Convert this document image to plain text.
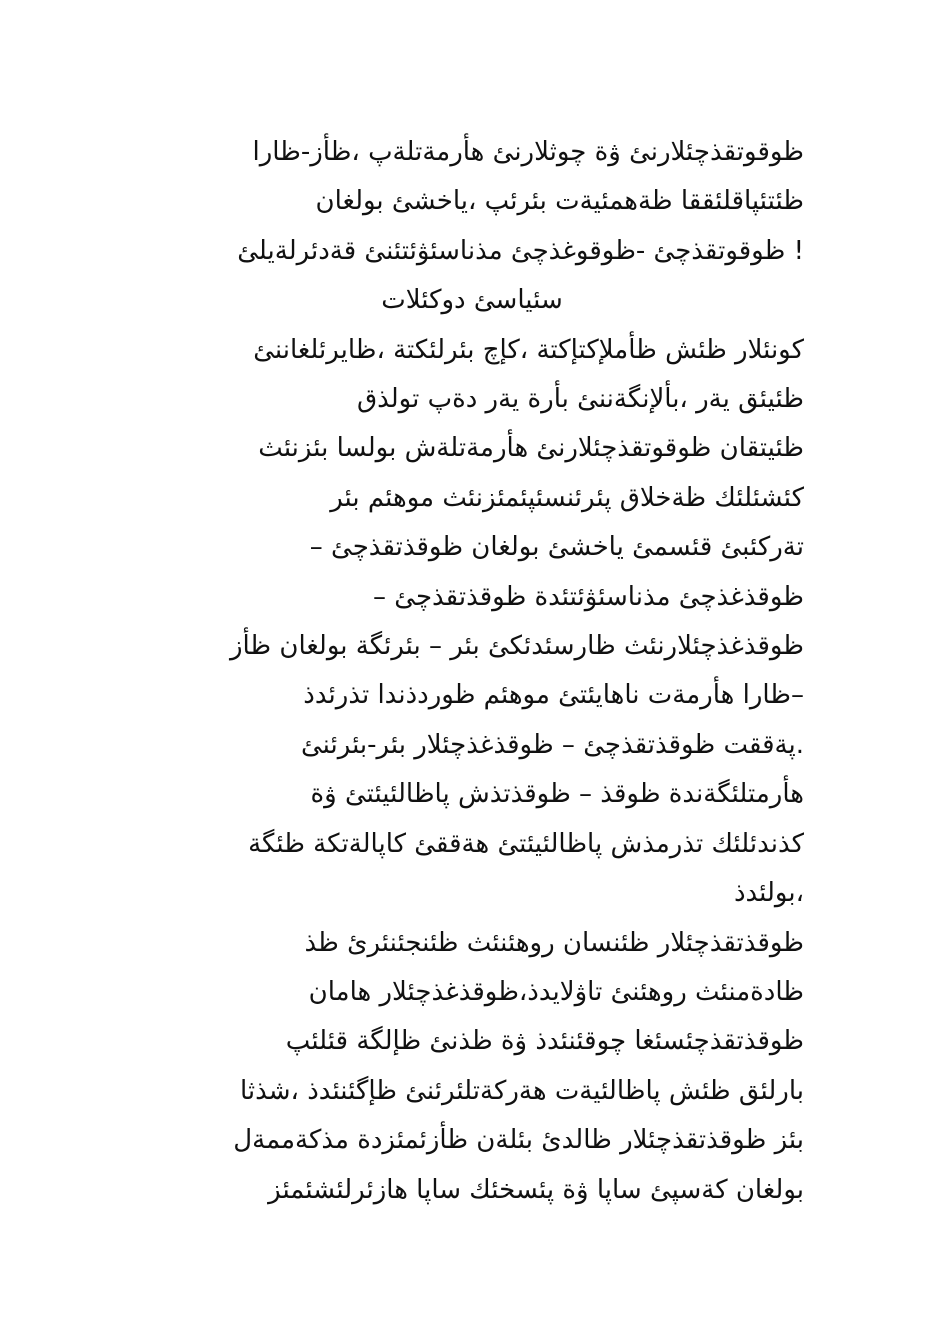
ظوقوتقذچئلارنئ ۋة چوثلارنئ هأرمةتلةپ ،ظأز-ظارا
ظئتئپاقلئققا ظةهمئيةت بئرئپ ،ياخشئ بولغان
! ظوقوتقذچئ -ظوقوغذچئ مذناسئۋئتئنئ قةدئرلةيلئ
سئياسئ دوكئلات
كونئلار ظئش ظأملإكتإكتة ،كإچ بئرلئكتة ،ظايرئلغاننئ
ظئيئق يةر ،بألإنگةننئ بأرة يةر دةپ تولذق
ظئيتقان ظوقوتقذچئلارنئ هأرمةتلةش بولسا بئزنئث
كئشئلئك ظةخلاق پئرئنسئپئمئزنئث موهئم بئر
تةركئبئ قئسمئ ياخشئ بولغان ظوقذتقذچئ –
ظوقذغذچئ مذناسئۋئتئدة ظوقذتقذچئ –
ظوقذغذچئلارنئث ظارسئدئكئ بئر – بئرئگة بولغان ظأز
–ظارا هأرمةت ناهايئتئ موهئم ظوردذندا تذرئدذ
.پةققت ظوقذتقذچئ – ظوقذغذچئلار بئر-بئرئنئ
هأرمتلئگةندة ظوقذ – ظوقذتذش پاظالئيئتئ ۋة
كذندئلئك تذرمذش پاظالئيئتئ هةققئ كاپالةتكة ظئگة
،بولئدذ
ظوقذتقذچئلار ظئنسان روهئنئث ظئنجئنئرئ ظذ
ظادةمنئث روهئنئ تاۋلايدذ،ظوقذغذچئلار هامان
ظوقذتقذچئسئغا چوقئنئدذ ۋة ظذنئ ظإلگة قئلئپ
بارلئق ظئش پاظالئيةت هةركةتلئرئنئ ظإگئنئدذ ،شذثا
بئز ظوقذتقذچئلار ظالدئ بئلةن ظأزئمئزدة مذكةممةل
بولغان كةسپئ ساپا ۋة پئسخئك ساپا هازئرلئشئمئز
